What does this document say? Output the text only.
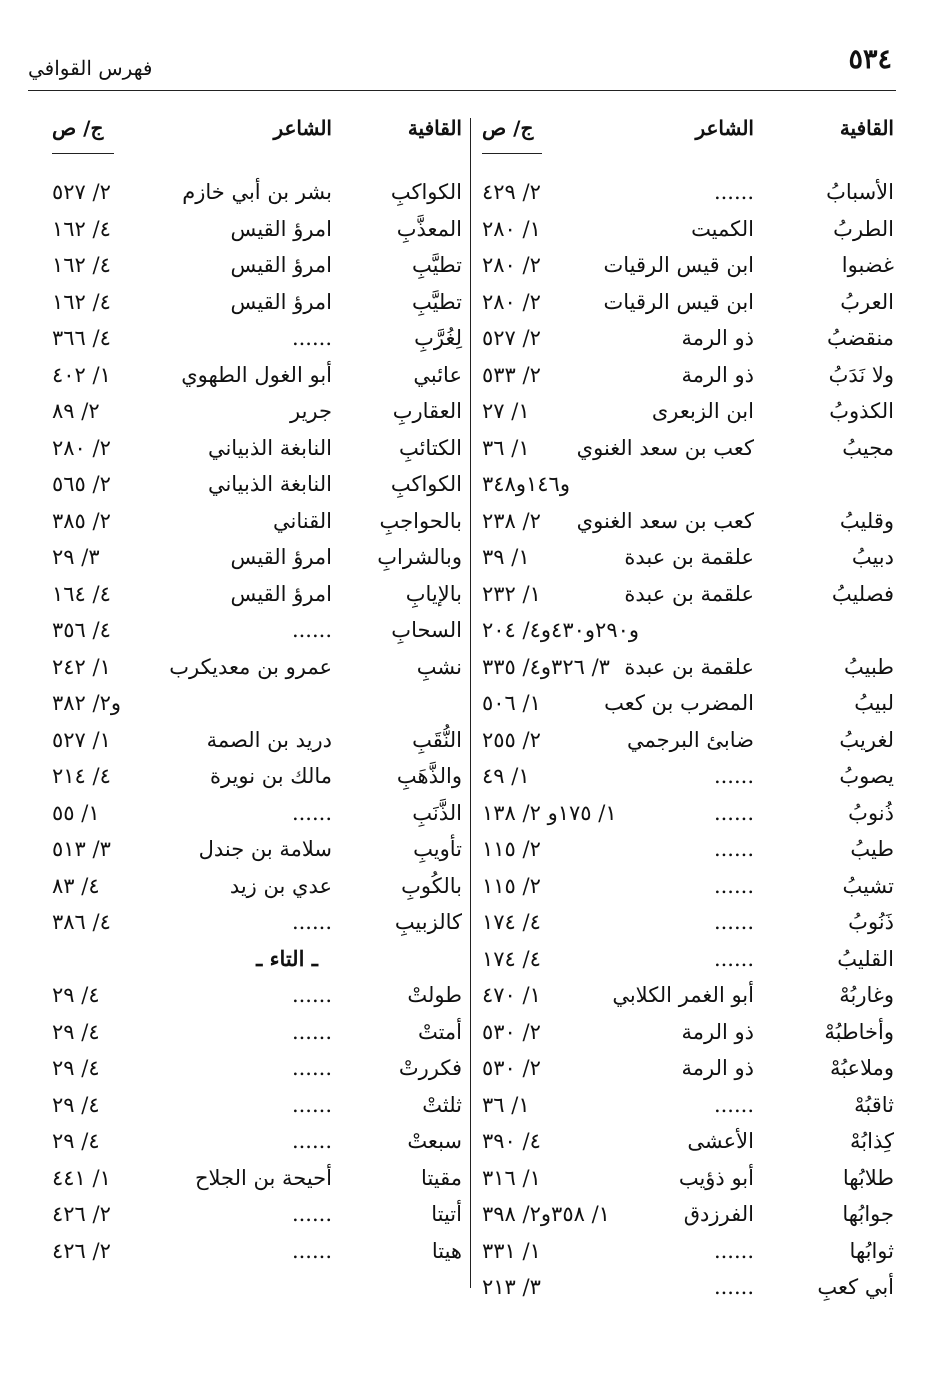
٥٣٤
فهرس القوافي
القافية
الشاعر
ج/ ص
الأسبابُ
......
٢/ ٤٢٩
الطربُ
الكميت
١/ ٢٨٠
غضبوا
ابن قيس الرقيات
٢/ ٢٨٠
العربُ
ابن قيس الرقيات
٢/ ٢٨٠
منقضبُ
ذو الرمة
٢/ ٥٢٧
ولا نَدَبُ
ذو الرمة
٢/ ٥٣٣
الكذوبُ
ابن الزبعرى
١/ ٢٧
مجيبُ
كعب بن سعد الغنوي
١/ ٣٦
و١٤٦و٣٤٨
وقليبُ
كعب بن سعد الغنوي
٢/ ٢٣٨
دبيبُ
علقمة بن عبدة
١/ ٣٩
فصليبُ
علقمة بن عبدة
١/ ٢٣٢
و٢٩٠و٤٣٠و٤/ ٢٠٤
طبيبُ
علقمة بن عبدة
٣/ ٣٢٦و٤/ ٣٣٥
لبيبُ
المضرب بن كعب
١/ ٥٠٦
لغريبُ
ضابئ البرجمي
٢/ ٢٥٥
يصوبُ
......
١/ ٤٩
ذُنوبُ
......
١/ ١٧٥و ٢/ ١٣٨
طيبُ
......
٢/ ١١٥
تشيبُ
......
٢/ ١١٥
ذَنُوبُ
......
٤/ ١٧٤
القليبُ
......
٤/ ١٧٤
وغاربُهْ
أبو الغمر الكلابي
١/ ٤٧٠
وأخاطبُهْ
ذو الرمة
٢/ ٥٣٠
وملاعبُهْ
ذو الرمة
٢/ ٥٣٠
ثاقبُهْ
......
١/ ٣٦
كِذابُهْ
الأعشى
٤/ ٣٩٠
طلابُها
أبو ذؤيب
١/ ٣١٦
جوابُها
الفرزدق
١/ ٣٥٨و٢/ ٣٩٨
ثوابُها
......
١/ ٣٣١
أبي كعبِ
......
٣/ ٢١٣
القافية
الشاعر
ج/ ص
الكواكبِ
بشر بن أبي خازم
٢/ ٥٢٧
المعذَّبِ
امرؤ القيس
٤/ ١٦٢
تطيَّبِ
امرؤ القيس
٤/ ١٦٢
تطيَّبِ
امرؤ القيس
٤/ ١٦٢
لِغُرَّبِ
......
٤/ ٣٦٦
عائبي
أبو الغول الطهوي
١/ ٤٠٢
العقاربِ
جرير
٢/ ٨٩
الكتائبِ
النابغة الذبياني
٢/ ٢٨٠
الكواكبِ
النابغة الذبياني
٢/ ٥٦٥
بالحواجبِ
القناني
٢/ ٣٨٥
وبالشرابِ
امرؤ القيس
٣/ ٢٩
بالإيابِ
امرؤ القيس
٤/ ١٦٤
السحابِ
......
٤/ ٣٥٦
نشبِ
عمرو بن معديكرب
١/ ٢٤٢
و٢/ ٣٨٢
النُّقَبِ
دريد بن الصمة
١/ ٥٢٧
والذَّهَبِ
مالك بن نويرة
٤/ ٢١٤
الذَّنَبِ
......
١/ ٥٥
تأويبِ
سلامة بن جندل
٣/ ٥١٣
بالكُوبِ
عدي بن زيد
٤/ ٨٣
كالزبيبِ
......
٤/ ٣٨٦
ـ التاء ـ
طولتْ
......
٤/ ٢٩
أمتتْ
......
٤/ ٢٩
فكررتْ
......
٤/ ٢٩
ثلثتْ
......
٤/ ٢٩
سبعتْ
......
٤/ ٢٩
مقيتا
أحيحة بن الجلاح
١/ ٤٤١
أتيتا
......
٢/ ٤٢٦
هيتا
......
٢/ ٤٢٦
